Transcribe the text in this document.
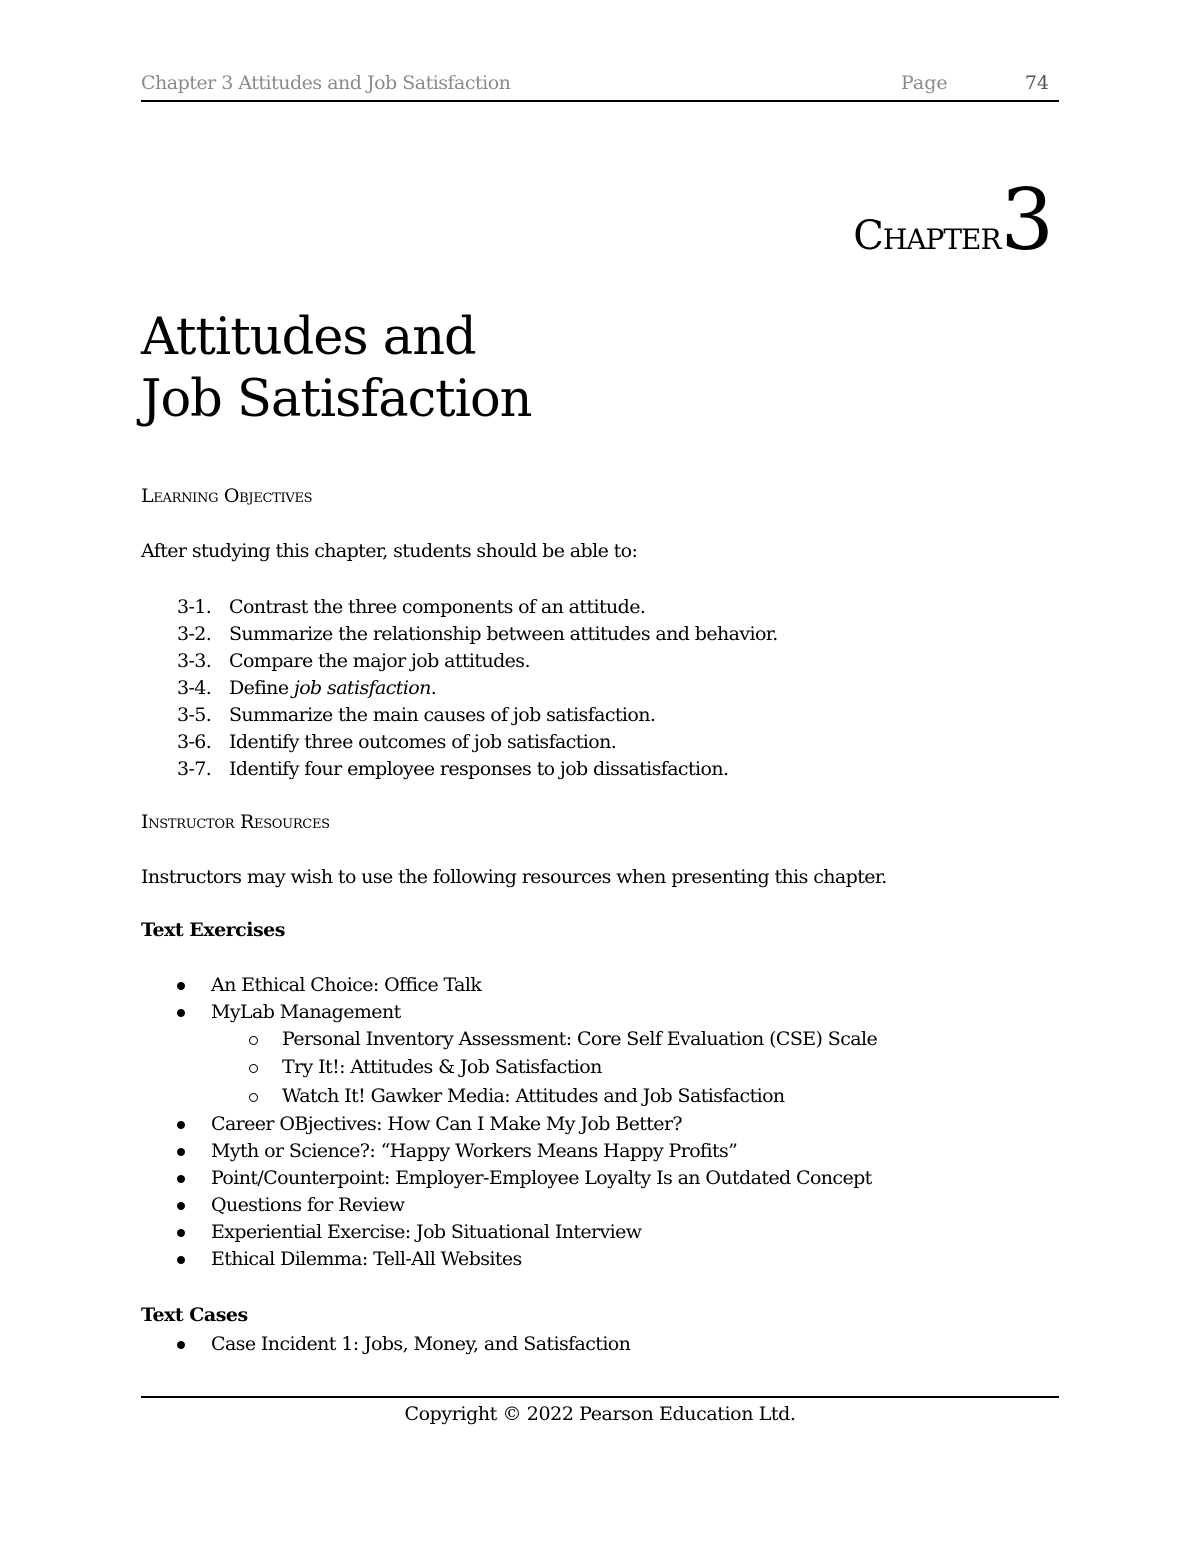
Chapter 3 Attitudes and Job Satisfaction	Page	74
Chapter3
Attitudes and
Job Satisfaction
Learning Objectives
After studying this chapter, students should be able to:
3-1. Contrast the three components of an attitude.
3-2. Summarize the relationship between attitudes and behavior.
3-3. Compare the major job attitudes.
3-4. Define job satisfaction.
3-5. Summarize the main causes of job satisfaction.
3-6. Identify three outcomes of job satisfaction.
3-7. Identify four employee responses to job dissatisfaction.
Instructor Resources
Instructors may wish to use the following resources when presenting this chapter.
Text Exercises
An Ethical Choice: Office Talk
MyLab Management
Personal Inventory Assessment: Core Self Evaluation (CSE) Scale
Try It!: Attitudes & Job Satisfaction
Watch It! Gawker Media: Attitudes and Job Satisfaction
Career OBjectives: How Can I Make My Job Better?
Myth or Science?: “Happy Workers Means Happy Profits”
Point/Counterpoint: Employer-Employee Loyalty Is an Outdated Concept
Questions for Review
Experiential Exercise: Job Situational Interview
Ethical Dilemma: Tell-All Websites
Text Cases
Case Incident 1: Jobs, Money, and Satisfaction
Copyright © 2022 Pearson Education Ltd.
